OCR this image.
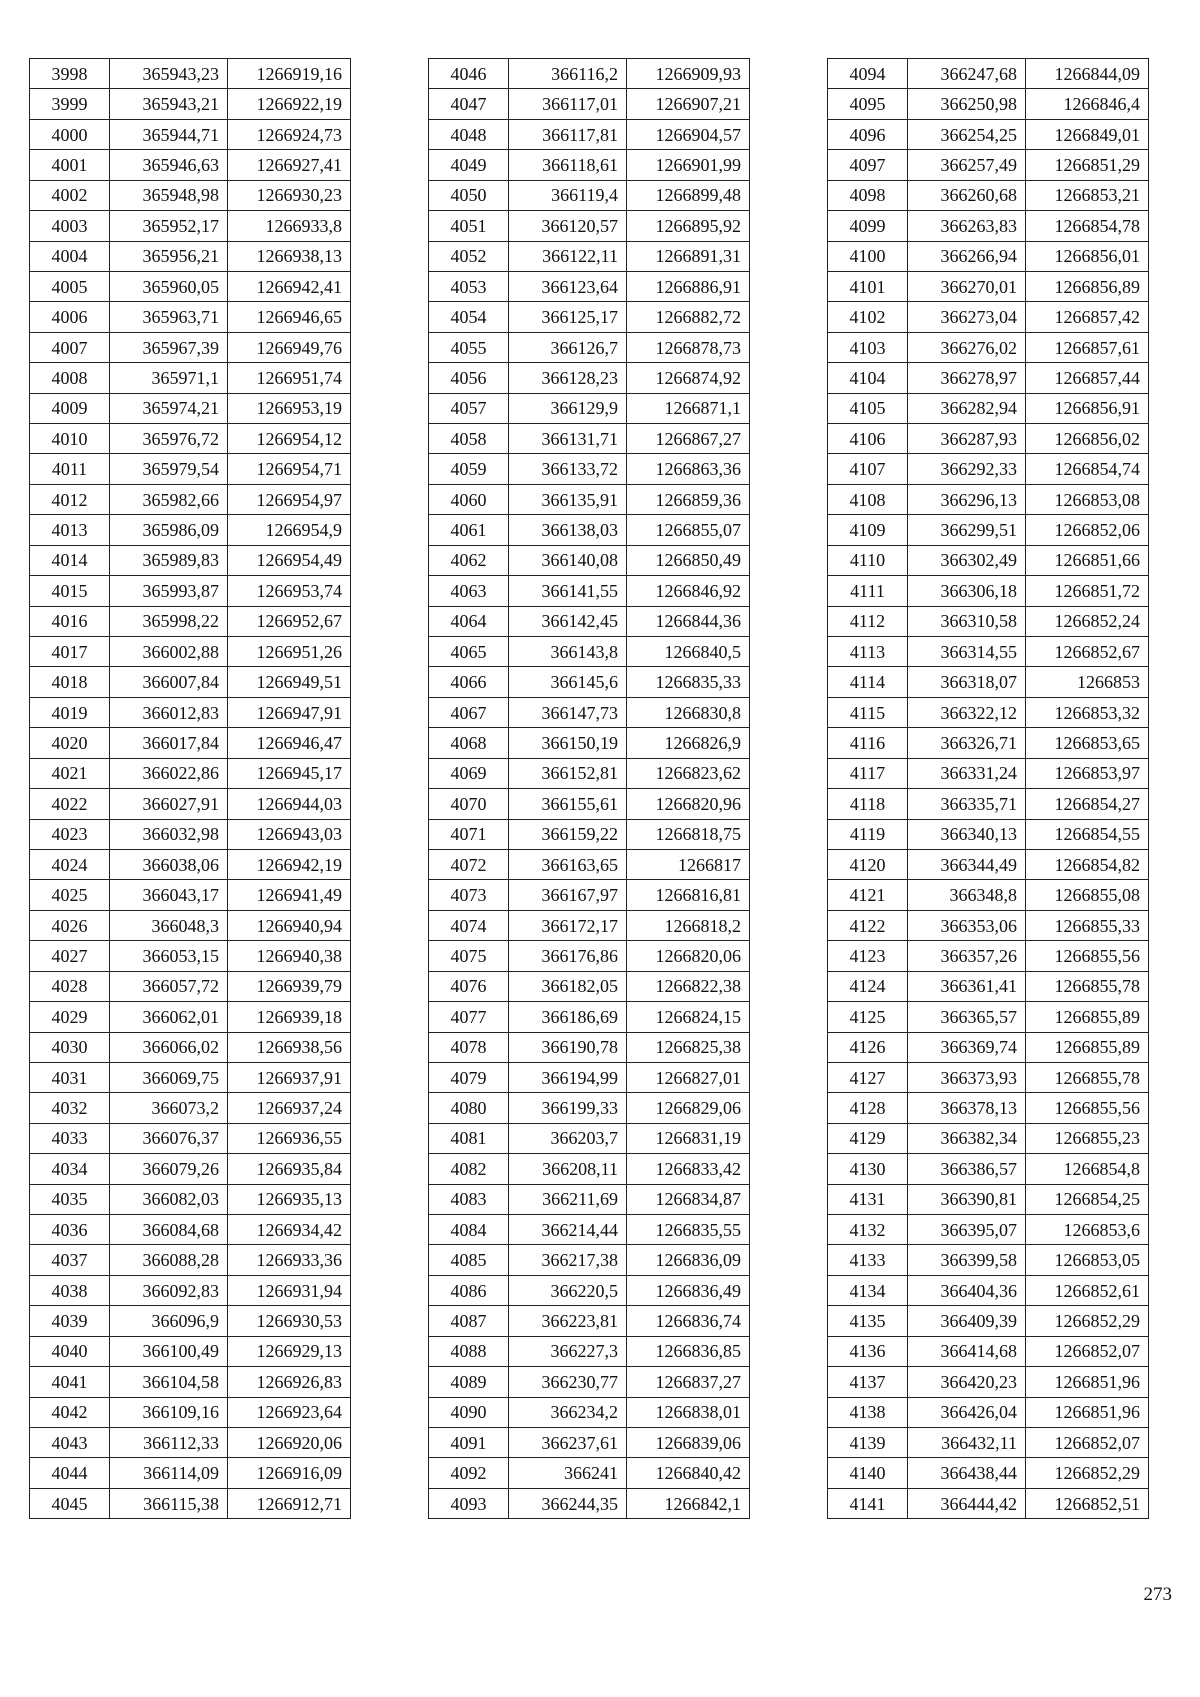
3998	365943,23	1266919,16
3999	365943,21	1266922,19
4000	365944,71	1266924,73
4001	365946,63	1266927,41
4002	365948,98	1266930,23
4003	365952,17	1266933,8
4004	365956,21	1266938,13
4005	365960,05	1266942,41
4006	365963,71	1266946,65
4007	365967,39	1266949,76
4008	365971,1	1266951,74
4009	365974,21	1266953,19
4010	365976,72	1266954,12
4011	365979,54	1266954,71
4012	365982,66	1266954,97
4013	365986,09	1266954,9
4014	365989,83	1266954,49
4015	365993,87	1266953,74
4016	365998,22	1266952,67
4017	366002,88	1266951,26
4018	366007,84	1266949,51
4019	366012,83	1266947,91
4020	366017,84	1266946,47
4021	366022,86	1266945,17
4022	366027,91	1266944,03
4023	366032,98	1266943,03
4024	366038,06	1266942,19
4025	366043,17	1266941,49
4026	366048,3	1266940,94
4027	366053,15	1266940,38
4028	366057,72	1266939,79
4029	366062,01	1266939,18
4030	366066,02	1266938,56
4031	366069,75	1266937,91
4032	366073,2	1266937,24
4033	366076,37	1266936,55
4034	366079,26	1266935,84
4035	366082,03	1266935,13
4036	366084,68	1266934,42
4037	366088,28	1266933,36
4038	366092,83	1266931,94
4039	366096,9	1266930,53
4040	366100,49	1266929,13
4041	366104,58	1266926,83
4042	366109,16	1266923,64
4043	366112,33	1266920,06
4044	366114,09	1266916,09
4045	366115,38	1266912,71
4046	366116,2	1266909,93
4047	366117,01	1266907,21
4048	366117,81	1266904,57
4049	366118,61	1266901,99
4050	366119,4	1266899,48
4051	366120,57	1266895,92
4052	366122,11	1266891,31
4053	366123,64	1266886,91
4054	366125,17	1266882,72
4055	366126,7	1266878,73
4056	366128,23	1266874,92
4057	366129,9	1266871,1
4058	366131,71	1266867,27
4059	366133,72	1266863,36
4060	366135,91	1266859,36
4061	366138,03	1266855,07
4062	366140,08	1266850,49
4063	366141,55	1266846,92
4064	366142,45	1266844,36
4065	366143,8	1266840,5
4066	366145,6	1266835,33
4067	366147,73	1266830,8
4068	366150,19	1266826,9
4069	366152,81	1266823,62
4070	366155,61	1266820,96
4071	366159,22	1266818,75
4072	366163,65	1266817
4073	366167,97	1266816,81
4074	366172,17	1266818,2
4075	366176,86	1266820,06
4076	366182,05	1266822,38
4077	366186,69	1266824,15
4078	366190,78	1266825,38
4079	366194,99	1266827,01
4080	366199,33	1266829,06
4081	366203,7	1266831,19
4082	366208,11	1266833,42
4083	366211,69	1266834,87
4084	366214,44	1266835,55
4085	366217,38	1266836,09
4086	366220,5	1266836,49
4087	366223,81	1266836,74
4088	366227,3	1266836,85
4089	366230,77	1266837,27
4090	366234,2	1266838,01
4091	366237,61	1266839,06
4092	366241	1266840,42
4093	366244,35	1266842,1
4094	366247,68	1266844,09
4095	366250,98	1266846,4
4096	366254,25	1266849,01
4097	366257,49	1266851,29
4098	366260,68	1266853,21
4099	366263,83	1266854,78
4100	366266,94	1266856,01
4101	366270,01	1266856,89
4102	366273,04	1266857,42
4103	366276,02	1266857,61
4104	366278,97	1266857,44
4105	366282,94	1266856,91
4106	366287,93	1266856,02
4107	366292,33	1266854,74
4108	366296,13	1266853,08
4109	366299,51	1266852,06
4110	366302,49	1266851,66
4111	366306,18	1266851,72
4112	366310,58	1266852,24
4113	366314,55	1266852,67
4114	366318,07	1266853
4115	366322,12	1266853,32
4116	366326,71	1266853,65
4117	366331,24	1266853,97
4118	366335,71	1266854,27
4119	366340,13	1266854,55
4120	366344,49	1266854,82
4121	366348,8	1266855,08
4122	366353,06	1266855,33
4123	366357,26	1266855,56
4124	366361,41	1266855,78
4125	366365,57	1266855,89
4126	366369,74	1266855,89
4127	366373,93	1266855,78
4128	366378,13	1266855,56
4129	366382,34	1266855,23
4130	366386,57	1266854,8
4131	366390,81	1266854,25
4132	366395,07	1266853,6
4133	366399,58	1266853,05
4134	366404,36	1266852,61
4135	366409,39	1266852,29
4136	366414,68	1266852,07
4137	366420,23	1266851,96
4138	366426,04	1266851,96
4139	366432,11	1266852,07
4140	366438,44	1266852,29
4141	366444,42	1266852,51
273
